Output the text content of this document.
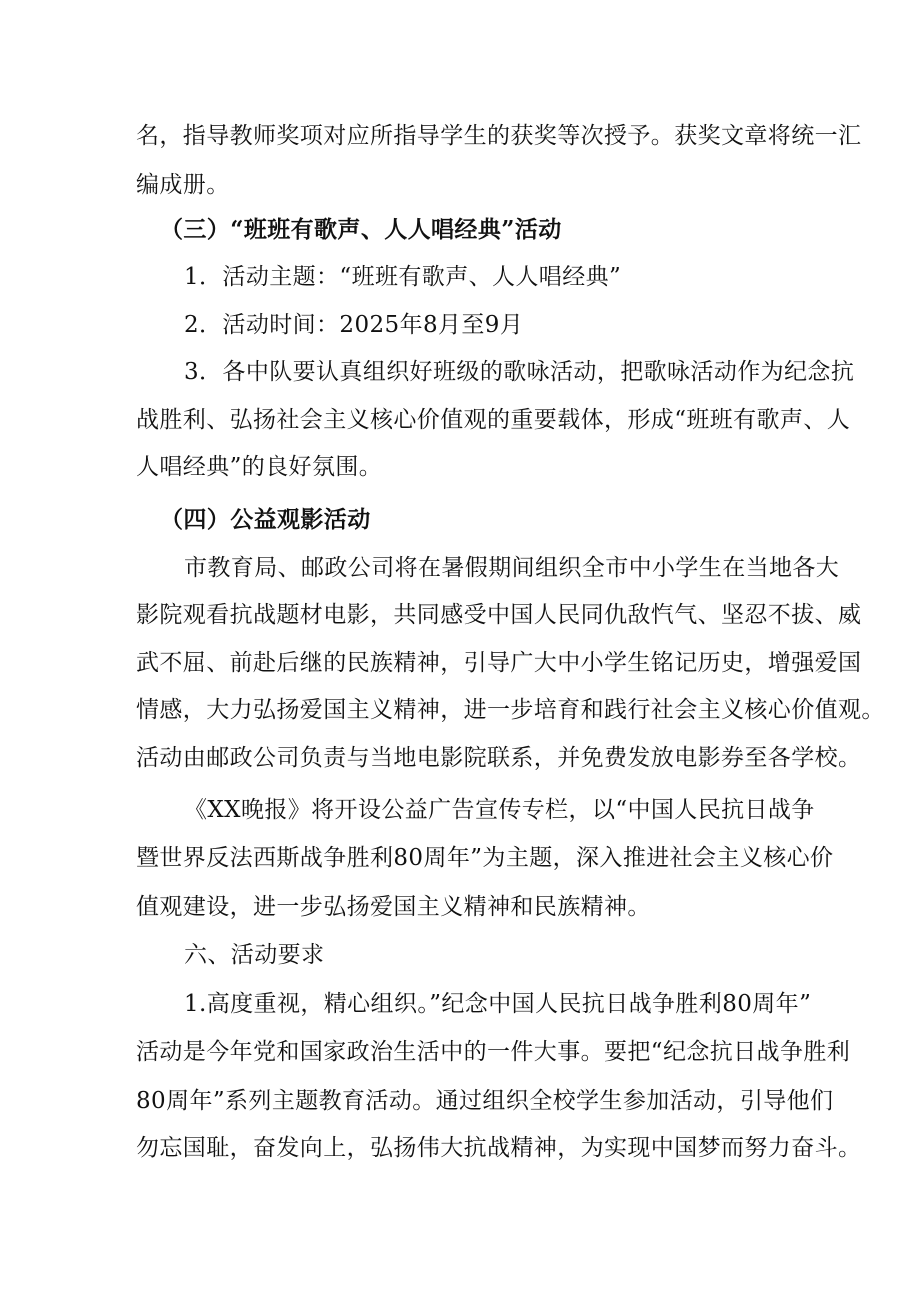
名，指导教师奖项对应所指导学生的获奖等次授予。获奖文章将统一汇
编成册。
（三）“班班有歌声、人人唱经典”活动
1．活动主题：“班班有歌声、人人唱经典”
2．活动时间：2025年8月至9月
3．各中队要认真组织好班级的歌咏活动，把歌咏活动作为纪念抗
战胜利、弘扬社会主义核心价值观的重要载体，形成“班班有歌声、人
人唱经典”的良好氛围。
（四）公益观影活动
市教育局、邮政公司将在暑假期间组织全市中小学生在当地各大
影院观看抗战题材电影，共同感受中国人民同仇敌忾气、坚忍不拔、威
武不屈、前赴后继的民族精神，引导广大中小学生铭记历史，增强爱国
情感，大力弘扬爱国主义精神，进一步培育和践行社会主义核心价值观。
活动由邮政公司负责与当地电影院联系，并免费发放电影券至各学校。
《XX晚报》将开设公益广告宣传专栏，以“中国人民抗日战争
暨世界反法西斯战争胜利80周年”为主题，深入推进社会主义核心价
值观建设，进一步弘扬爱国主义精神和民族精神。
六、活动要求
1.高度重视，精心组织。”纪念中国人民抗日战争胜利80周年”
活动是今年党和国家政治生活中的一件大事。要把“纪念抗日战争胜利
80周年”系列主题教育活动。通过组织全校学生参加活动，引导他们
勿忘国耻，奋发向上，弘扬伟大抗战精神，为实现中国梦而努力奋斗。
